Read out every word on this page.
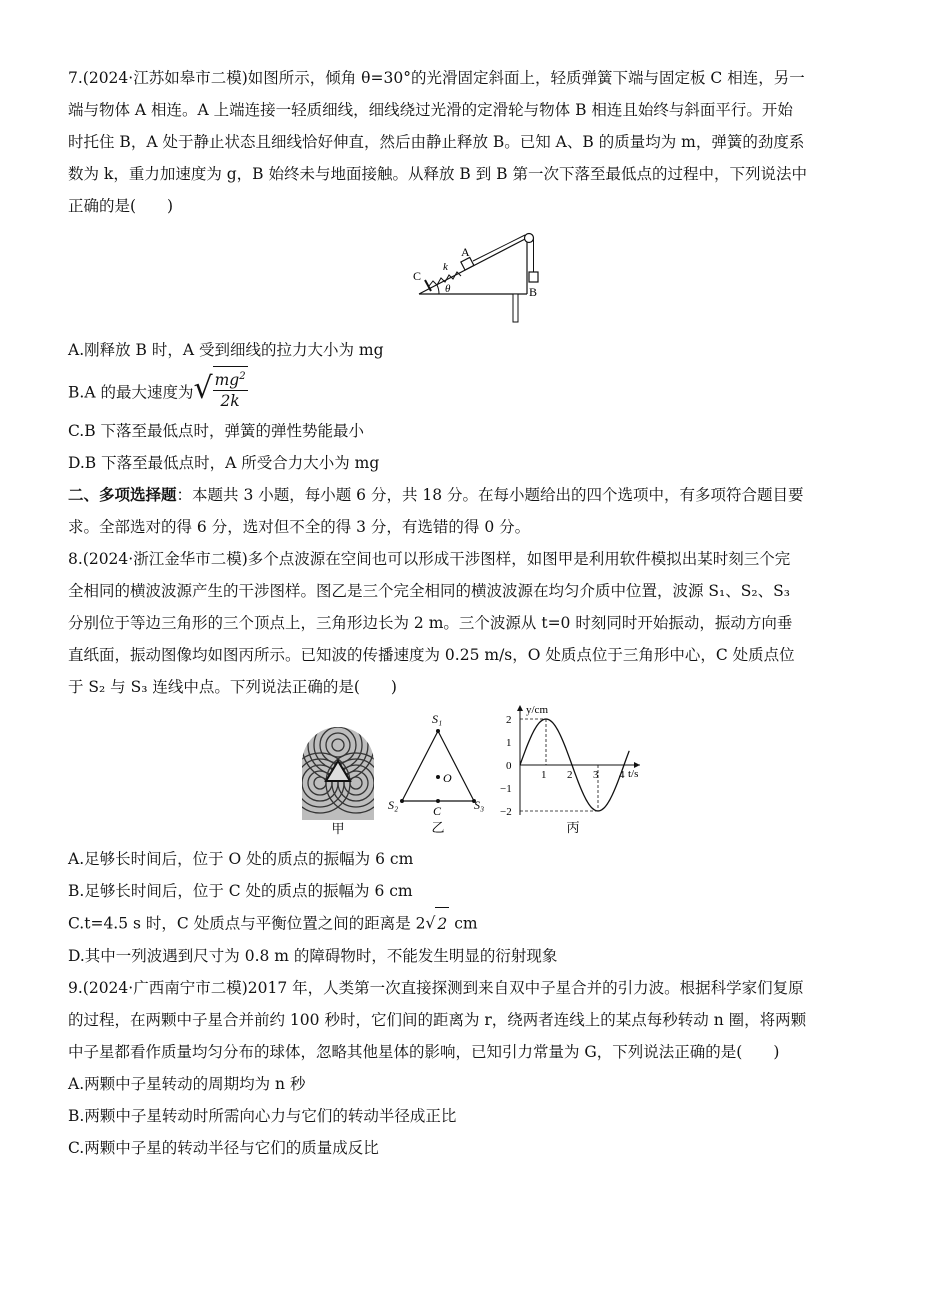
7.(2024·江苏如皋市二模)如图所示，倾角 θ=30°的光滑固定斜面上，轻质弹簧下端与固定板 C 相连，另一

端与物体 A 相连。A 上端连接一轻质细线，细线绕过光滑的定滑轮与物体 B 相连且始终与斜面平行。开始

时托住 B，A 处于静止状态且细线恰好伸直，然后由静止释放 B。已知 A、B 的质量均为 m，弹簧的劲度系

数为 k，重力加速度为 g，B 始终未与地面接触。从释放 B 到 B 第一次下落至最低点的过程中，下列说法中

正确的是(　　)

θ
C
k
A
B

A.刚释放 B 时，A 受到细线的拉力大小为 mg

B.A 的最大速度为 √ $\frac{mg^2}{2k}$

C.B 下落至最低点时，弹簧的弹性势能最小

D.B 下落至最低点时，A 所受合力大小为 mg

二、多项选择题：本题共 3 小题，每小题 6 分，共 18 分。在每小题给出的四个选项中，有多项符合题目要

求。全部选对的得 6 分，选对但不全的得 3 分，有选错的得 0 分。

8.(2024·浙江金华市二模)多个点波源在空间也可以形成干涉图样，如图甲是利用软件模拟出某时刻三个完

全相同的横波波源产生的干涉图样。图乙是三个完全相同的横波波源在均匀介质中位置，波源 S₁、S₂、S₃

分别位于等边三角形的三个顶点上，三角形边长为 2 m。三个波源从 t=0 时刻同时开始振动，振动方向垂

直纸面，振动图像均如图丙所示。已知波的传播速度为 0.25 m/s，O 处质点位于三角形中心，C 处质点位

于 S₂ 与 S₃ 连线中点。下列说法正确的是(　　)

甲
S₁
S₂	S₃
O
C
乙
y/cm
t/s
2
1
0
−1
−2
1 2 3 4
丙

A.足够长时间后，位于 O 处的质点的振幅为 6 cm

B.足够长时间后，位于 C 处的质点的振幅为 6 cm

C.t=4.5 s 时，C 处质点与平衡位置之间的距离是 2 √ 2 cm

D.其中一列波遇到尺寸为 0.8 m 的障碍物时，不能发生明显的衍射现象

9.(2024·广西南宁市二模)2017 年，人类第一次直接探测到来自双中子星合并的引力波。根据科学家们复原

的过程，在两颗中子星合并前约 100 秒时，它们间的距离为 r，绕两者连线上的某点每秒转动 n 圈，将两颗

中子星都看作质量均匀分布的球体，忽略其他星体的影响，已知引力常量为 G，下列说法正确的是(　　)

A.两颗中子星转动的周期均为 n 秒

B.两颗中子星转动时所需向心力与它们的转动半径成正比

C.两颗中子星的转动半径与它们的质量成反比
